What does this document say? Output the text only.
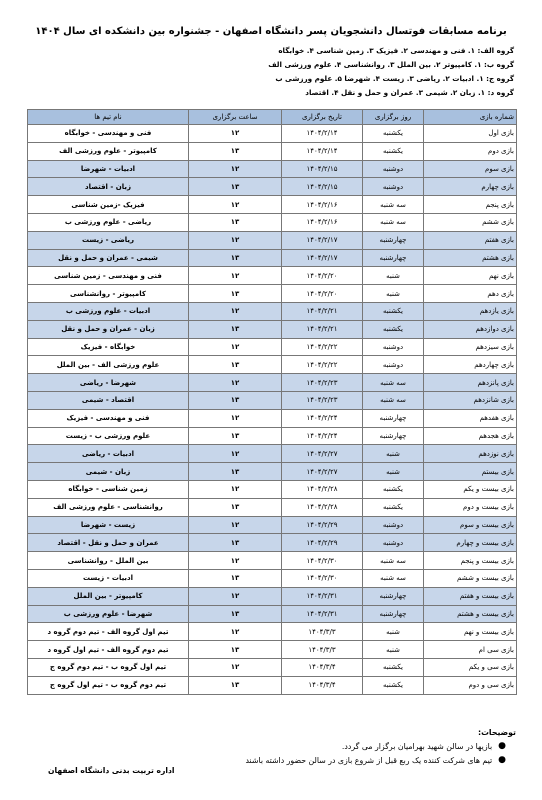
برنامه مسابقات فوتسال دانشجویان پسر دانشگاه اصفهان - جشنواره بین دانشکده ای سال ۱۴۰۴
گروه الف: ۱. فنی و مهندسی ۲. فیزیک ۳. زمین شناسی ۴. خوابگاه
گروه ب: ۱. کامپیوتر ۲. بین الملل ۳. روانشناسی ۴. علوم ورزشی الف
گروه ج: ۱. ادبیات ۲. ریاضی ۳. زیست ۴. شهرضا ۵. علوم ورزشی ب
گروه د: ۱. زبان ۲. شیمی ۳. عمران و حمل و نقل ۴. اقتصاد
شماره بازی	روز برگزاری	تاریخ برگزاری	ساعت برگزاری	نام تیم ها
بازی اول	یکشنبه	۱۴۰۴/۲/۱۴	۱۲	فنی و مهندسی - خوابگاه
بازی دوم	یکشنبه	۱۴۰۴/۲/۱۴	۱۳	کامپیوتر - علوم ورزشی الف
بازی سوم	دوشنبه	۱۴۰۴/۲/۱۵	۱۲	ادبیات - شهرضا
بازی چهارم	دوشنبه	۱۴۰۴/۲/۱۵	۱۳	زبان - اقتصاد
بازی پنجم	سه شنبه	۱۴۰۴/۲/۱۶	۱۲	فیزیک -زمین شناسی
بازی ششم	سه شنبه	۱۴۰۴/۲/۱۶	۱۳	ریاضی - علوم ورزشی ب
بازی هفتم	چهارشنبه	۱۴۰۴/۲/۱۷	۱۲	ریاضی - زیست
بازی هشتم	چهارشنبه	۱۴۰۴/۲/۱۷	۱۳	شیمی - عمران و حمل و نقل
بازی نهم	شنبه	۱۴۰۴/۲/۲۰	۱۲	فنی و مهندسی - زمین شناسی
بازی دهم	شنبه	۱۴۰۴/۲/۲۰	۱۳	کامپیوتر - روانشناسی
بازی یازدهم	یکشنبه	۱۴۰۴/۲/۲۱	۱۲	ادبیات - علوم ورزشی ب
بازی دوازدهم	یکشنبه	۱۴۰۴/۲/۲۱	۱۳	زبان - عمران و حمل و نقل
بازی سیزدهم	دوشنبه	۱۴۰۴/۲/۲۲	۱۲	خوابگاه - فیزیک
بازی چهاردهم	دوشنبه	۱۴۰۴/۲/۲۲	۱۳	علوم ورزشی الف - بین الملل
بازی پانزدهم	سه شنبه	۱۴۰۴/۲/۲۳	۱۲	شهرضا - ریاضی
بازی شانزدهم	سه شنبه	۱۴۰۴/۲/۲۳	۱۳	اقتصاد - شیمی
بازی هفدهم	چهارشنبه	۱۴۰۴/۲/۲۴	۱۲	فنی و مهندسی - فیزیک
بازی هجدهم	چهارشنبه	۱۴۰۴/۲/۲۴	۱۳	علوم ورزشی ب - زیست
بازی نوزدهم	شنبه	۱۴۰۴/۲/۲۷	۱۲	ادبیات - ریاضی
بازی بیستم	شنبه	۱۴۰۴/۲/۲۷	۱۳	زبان - شیمی
بازی بیست و یکم	یکشنبه	۱۴۰۴/۲/۲۸	۱۲	زمین شناسی - خوابگاه
بازی بیست و دوم	یکشنبه	۱۴۰۴/۲/۲۸	۱۳	روانشناسی - علوم ورزشی الف
بازی بیست و سوم	دوشنبه	۱۴۰۴/۲/۲۹	۱۲	زیست - شهرضا
بازی بیست و چهارم	دوشنبه	۱۴۰۴/۲/۲۹	۱۳	عمران و حمل و نقل - اقتصاد
بازی بیست و پنجم	سه شنبه	۱۴۰۴/۲/۳۰	۱۲	بین الملل - روانشناسی
بازی بیست و ششم	سه شنبه	۱۴۰۴/۲/۳۰	۱۳	ادبیات - زیست
بازی بیست و هفتم	چهارشنبه	۱۴۰۴/۲/۳۱	۱۲	کامپیوتر - بین الملل
بازی بیست و هشتم	چهارشنبه	۱۴۰۴/۲/۳۱	۱۳	شهرضا - علوم ورزشی ب
بازی بیست و نهم	شنبه	۱۴۰۴/۳/۳	۱۲	تیم اول گروه الف - تیم دوم گروه د
بازی سی ام	شنبه	۱۴۰۴/۳/۳	۱۳	تیم دوم گروه الف - تیم اول گروه د
بازی سی و یکم	یکشنبه	۱۴۰۴/۳/۴	۱۲	تیم اول گروه ب - تیم دوم گروه ج
بازی سی و دوم	یکشنبه	۱۴۰۴/۳/۴	۱۳	تیم دوم گروه ب - تیم اول گروه ج
توضیحات:
●
بازیها در سالن شهید بهرامیان برگزار می گردد.
●
تیم های شرکت کننده یک ربع قبل از شروع بازی در سالن حضور داشته باشند
اداره تربیت بدنی دانشگاه اصفهان
